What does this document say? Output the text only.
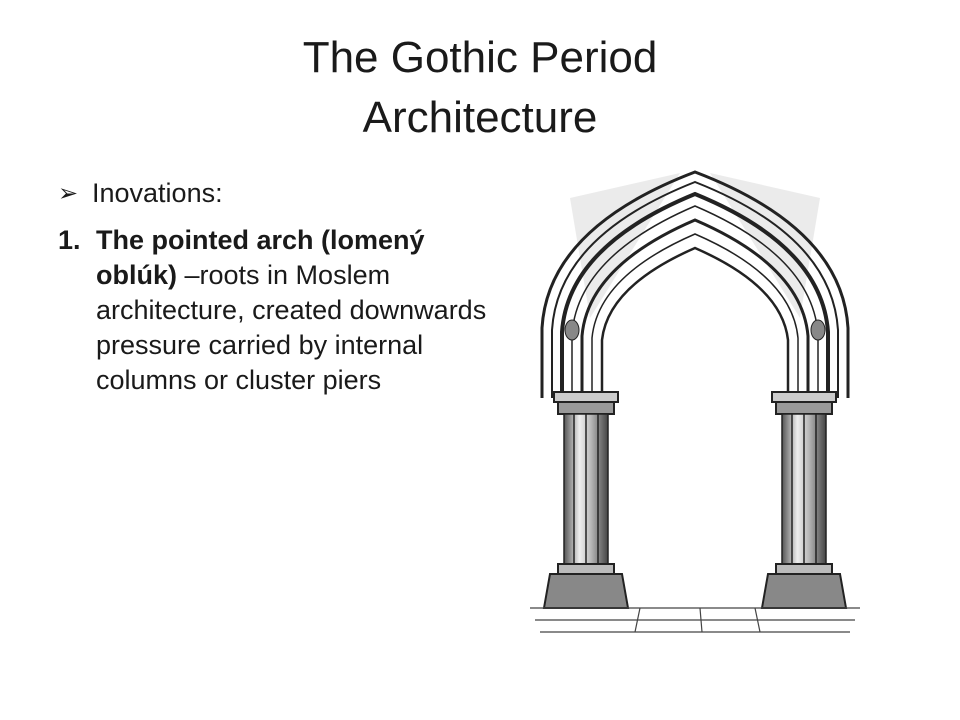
The Gothic Period
Architecture
➢ Inovations:
1. The pointed arch (lomený oblúk) –roots in Moslem architecture, created downwards pressure carried by internal columns or cluster piers
